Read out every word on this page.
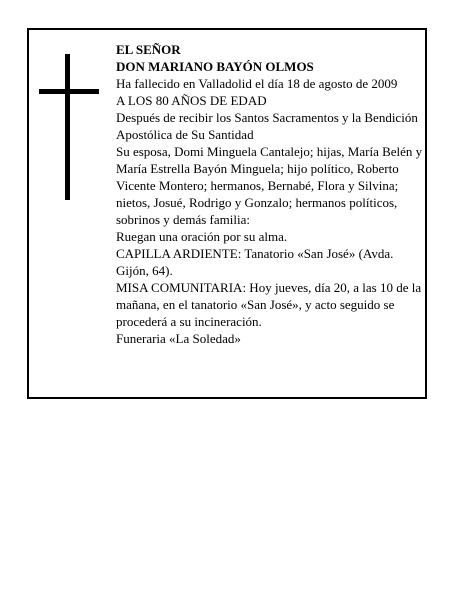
EL SEÑOR

DON MARIANO BAYÓN OLMOS

Ha fallecido en Valladolid el día 18 de agosto de 2009

A LOS 80 AÑOS DE EDAD

Después de recibir los Santos Sacramentos y la Bendición Apostólica de Su Santidad

Su esposa, Domi Minguela Cantalejo; hijas, María Belén y María Estrella Bayón Minguela; hijo político, Roberto Vicente Montero; hermanos, Bernabé, Flora y Silvina; nietos, Josué, Rodrigo y Gonzalo; hermanos políticos, sobrinos y demás familia:

Ruegan una oración por su alma.

CAPILLA ARDIENTE: Tanatorio «San José» (Avda. Gijón, 64).

MISA COMUNITARIA: Hoy jueves, día 20, a las 10 de la mañana, en el tanatorio «San José», y acto seguido se procederá a su incineración.

Funeraria «La Soledad»
